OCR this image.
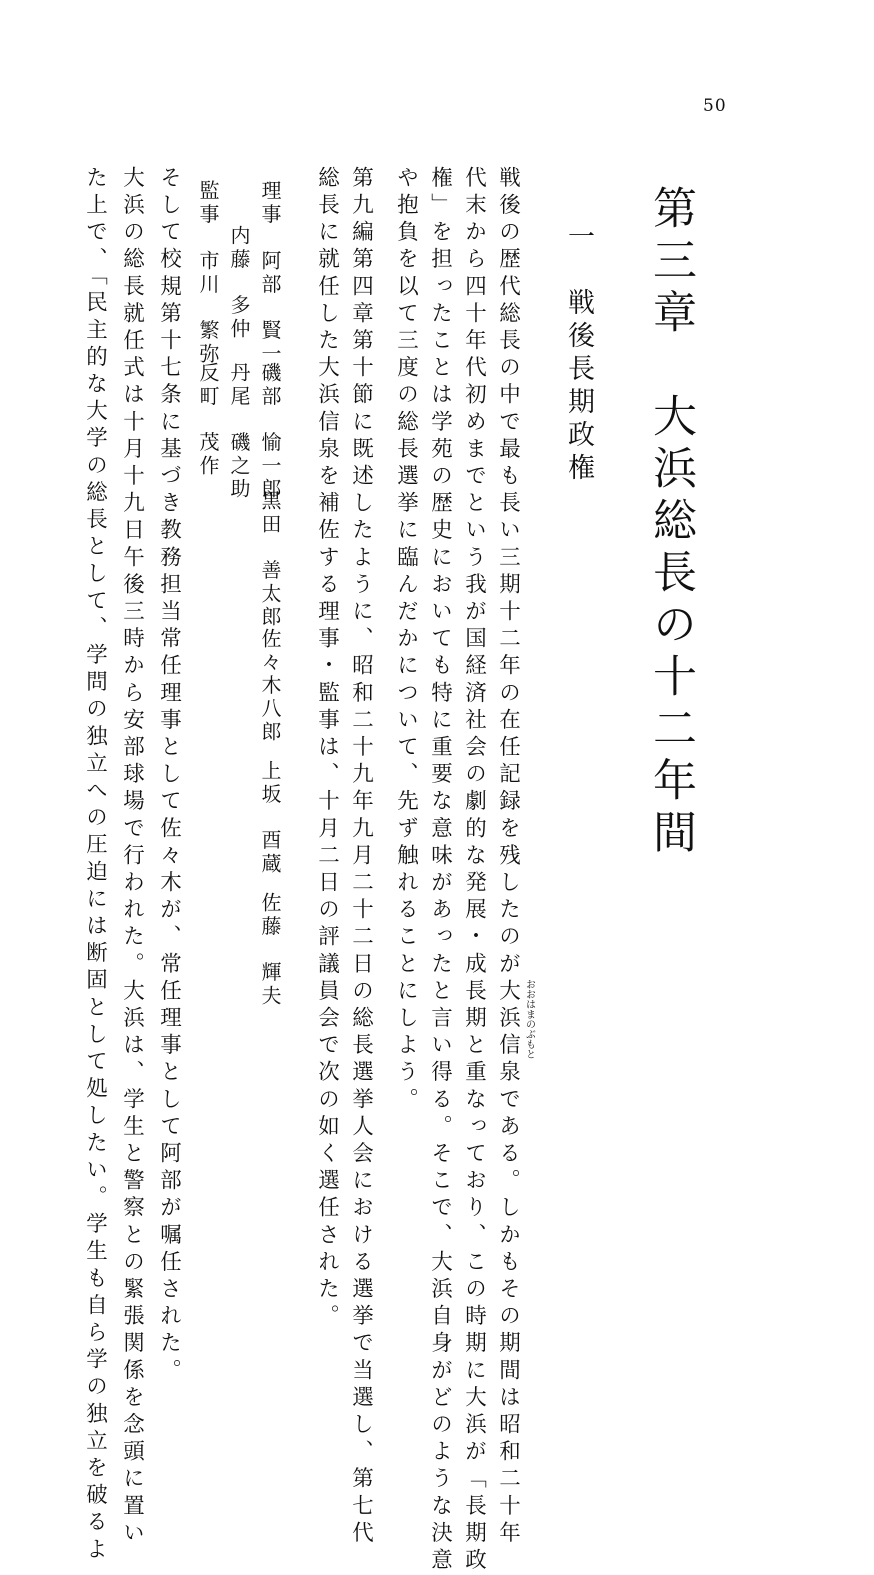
50
第三章　大浜総長の十二年間
一　戦後長期政権
戦後の歴代総長の中で最も長い三期十二年の在任記録を残したのが大浜信泉 おおはまのぶもと
である。しかもその期間は昭和二十年
代末から四十年代初めまでという我が国経済社会の劇的な発展・成長期と重なっており、この時期に大浜が「長期政
権」を担ったことは学苑の歴史においても特に重要な意味があったと言い得る。そこで、大浜自身がどのような決意
や抱負を以て三度の総長選挙に臨んだかについて、先ず触れることにしよう。
第九編第四章第十節に既述したように、昭和二十九年九月二十二日の総長選挙人会における選挙で当選し、第七代
総長に就任した大浜信泉を補佐する理事・監事は、十月二日の評議員会で次の如く選任された。
理事
阿部　賢一
磯部　愉一郎
黒田　善太郎
佐々木八郎
上坂　酉蔵
佐藤　輝夫
内藤　多仲
丹尾　磯之助
監事
市川　繁弥
反町　茂作
そして校規第十七条に基づき教務担当常任理事として佐々木が、常任理事として阿部が嘱任された。
大浜の総長就任式は十月十九日午後三時から安部球場で行われた。大浜は、学生と警察との緊張関係を念頭に置い
た上で、「民主的な大学の総長として、学問の独立への圧迫には断固として処したい。学生も自ら学の独立を破るよ
